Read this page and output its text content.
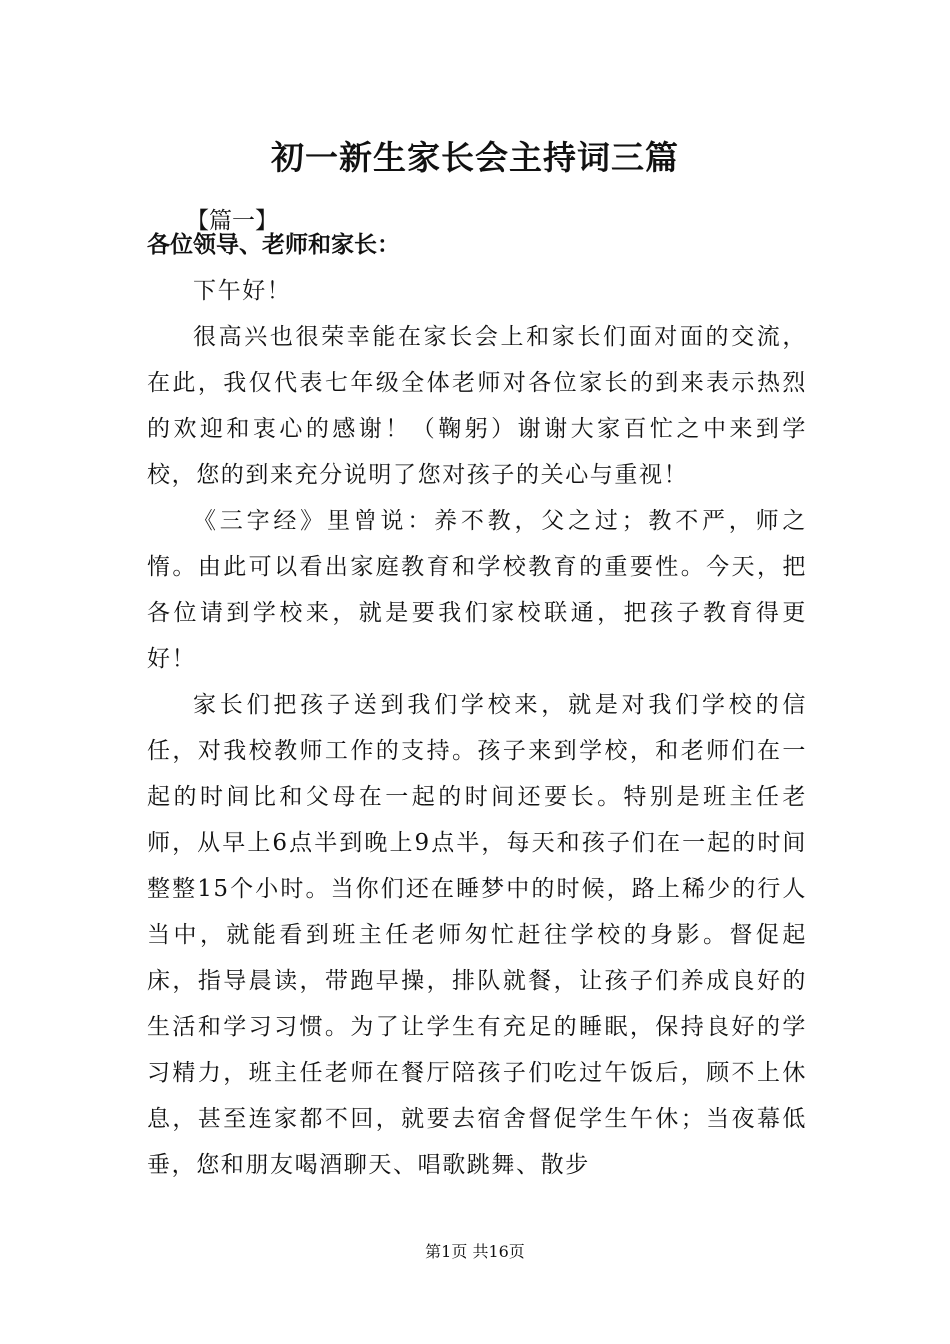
初一新生家长会主持词三篇
【篇一】
各位领导、老师和家长：

下午好！

很高兴也很荣幸能在家长会上和家长们面对面的交流，在此，我仅代表七年级全体老师对各位家长的到来表示热烈的欢迎和衷心的感谢！（鞠躬）谢谢大家百忙之中来到学校，您的到来充分说明了您对孩子的关心与重视！

《三字经》里曾说：养不教，父之过；教不严，师之惰。由此可以看出家庭教育和学校教育的重要性。今天，把各位请到学校来，就是要我们家校联通，把孩子教育得更好！

家长们把孩子送到我们学校来，就是对我们学校的信任，对我校教师工作的支持。孩子来到学校，和老师们在一起的时间比和父母在一起的时间还要长。特别是班主任老师，从早上6点半到晚上9点半，每天和孩子们在一起的时间整整15个小时。当你们还在睡梦中的时候，路上稀少的行人当中，就能看到班主任老师匆忙赶往学校的身影。督促起床，指导晨读，带跑早操，排队就餐，让孩子们养成良好的生活和学习习惯。为了让学生有充足的睡眠，保持良好的学习精力，班主任老师在餐厅陪孩子们吃过午饭后，顾不上休息，甚至连家都不回，就要去宿舍督促学生午休；当夜幕低垂，您和朋友喝酒聊天、唱歌跳舞、散步

第1页 共16页
